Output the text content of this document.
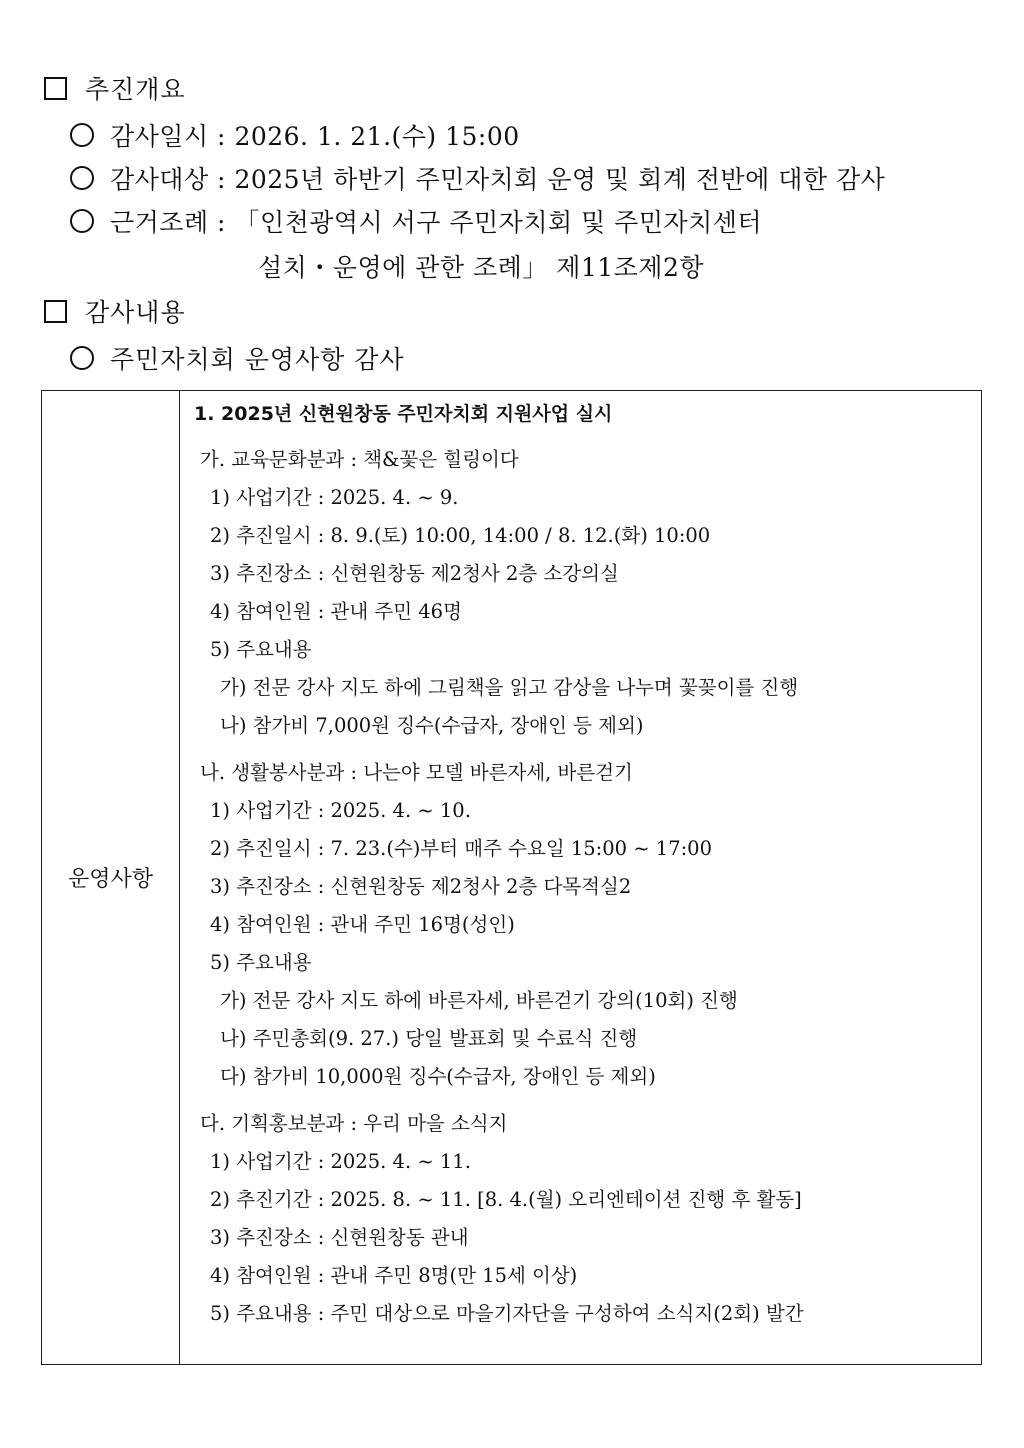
추진개요
감사일시 : 2026. 1. 21.(수) 15:00
감사대상 : 2025년 하반기 주민자치회 운영 및 회계 전반에 대한 감사
근거조례 : 「인천광역시 서구 주민자치회 및 주민자치센터
설치・운영에 관한 조례」 제11조제2항
감사내용
주민자치회 운영사항 감사
운영사항	
1. 2025년 신현원창동 주민자치회 지원사업 실시
가. 교육문화분과 : 책&꽃은 힐링이다
1) 사업기간 : 2025. 4. ~ 9.
2) 추진일시 : 8. 9.(토) 10:00, 14:00 / 8. 12.(화) 10:00
3) 추진장소 : 신현원창동 제2청사 2층 소강의실
4) 참여인원 : 관내 주민 46명
5) 주요내용
가) 전문 강사 지도 하에 그림책을 읽고 감상을 나누며 꽃꽂이를 진행
나) 참가비 7,000원 징수(수급자, 장애인 등 제외)
나. 생활봉사분과 : 나는야 모델 바른자세, 바른걷기
1) 사업기간 : 2025. 4. ~ 10.
2) 추진일시 : 7. 23.(수)부터 매주 수요일 15:00 ~ 17:00
3) 추진장소 : 신현원창동 제2청사 2층 다목적실2
4) 참여인원 : 관내 주민 16명(성인)
5) 주요내용
가) 전문 강사 지도 하에 바른자세, 바른걷기 강의(10회) 진행
나) 주민총회(9. 27.) 당일 발표회 및 수료식 진행
다) 참가비 10,000원 징수(수급자, 장애인 등 제외)
다. 기획홍보분과 : 우리 마을 소식지
1) 사업기간 : 2025. 4. ~ 11.
2) 추진기간 : 2025. 8. ~ 11. [8. 4.(월) 오리엔테이션 진행 후 활동]
3) 추진장소 : 신현원창동 관내
4) 참여인원 : 관내 주민 8명(만 15세 이상)
5) 주요내용 : 주민 대상으로 마을기자단을 구성하여 소식지(2회) 발간
